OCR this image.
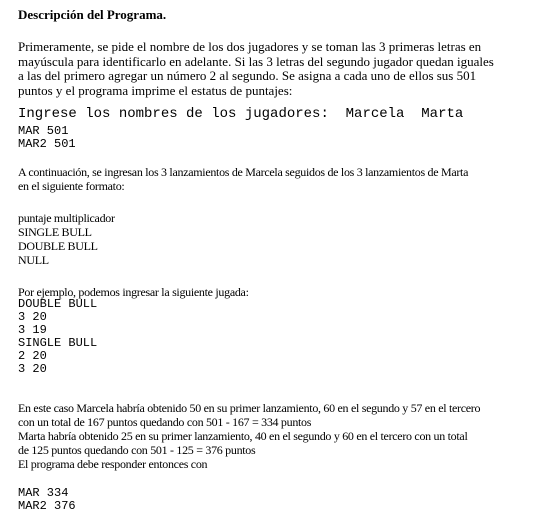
Descripción del Programa.
Primeramente, se pide el nombre de los dos jugadores y se toman las 3 primeras letras en
mayúscula para identificarlo en adelante. Si las 3 letras del segundo jugador quedan iguales
a las del primero agregar un número 2 al segundo. Se asigna a cada uno de ellos sus 501
puntos y el programa imprime el estatus de puntajes:
Ingrese los nombres de los jugadores:  Marcela  Marta
MAR 501
MAR2 501
A continuación, se ingresan los 3 lanzamientos de Marcela seguidos de los 3 lanzamientos de Marta
en el siguiente formato:
puntaje multiplicador
SINGLE BULL
DOUBLE BULL
NULL
Por ejemplo, podemos ingresar la siguiente jugada:
DOUBLE BULL
3 20
3 19
SINGLE BULL
2 20
3 20
En este caso Marcela habría obtenido 50 en su primer lanzamiento, 60 en el segundo y 57 en el tercero
con un total de 167 puntos quedando con 501 - 167 = 334 puntos
Marta habría obtenido 25 en su primer lanzamiento, 40 en el segundo y 60 en el tercero con un total
de 125 puntos quedando con 501 - 125 = 376 puntos
El programa debe responder entonces con
MAR 334
MAR2 376
